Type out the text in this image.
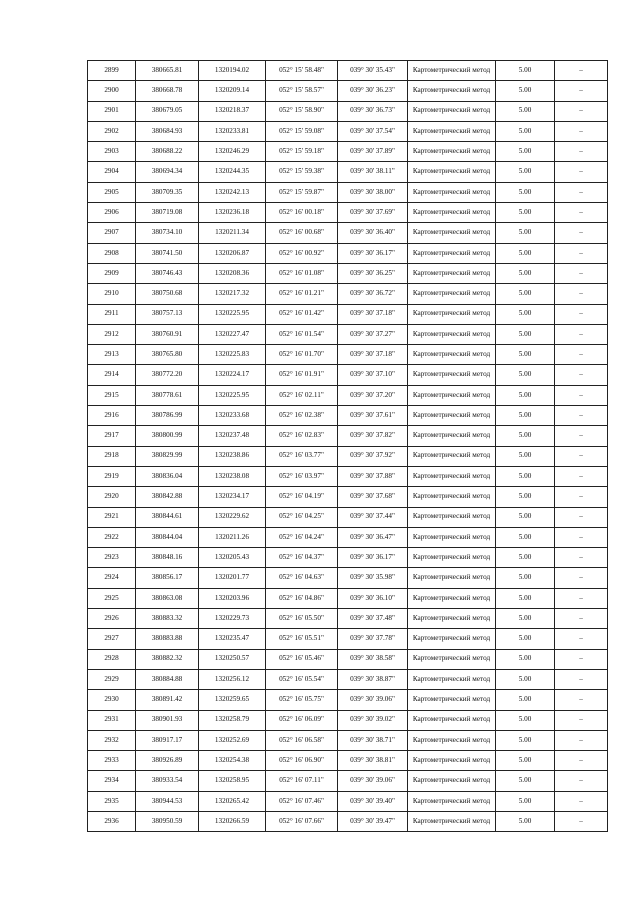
2899	380665.81	1320194.02	052° 15' 58.48"	039° 30' 35.43"	Картометрический метод	5.00	–
2900	380668.78	1320209.14	052° 15' 58.57"	039° 30' 36.23"	Картометрический метод	5.00	–
2901	380679.05	1320218.37	052° 15' 58.90"	039° 30' 36.73"	Картометрический метод	5.00	–
2902	380684.93	1320233.81	052° 15' 59.08"	039° 30' 37.54"	Картометрический метод	5.00	–
2903	380688.22	1320246.29	052° 15' 59.18"	039° 30' 37.89"	Картометрический метод	5.00	–
2904	380694.34	1320244.35	052° 15' 59.38"	039° 30' 38.11"	Картометрический метод	5.00	–
2905	380709.35	1320242.13	052° 15' 59.87"	039° 30' 38.00"	Картометрический метод	5.00	–
2906	380719.08	1320236.18	052° 16' 00.18"	039° 30' 37.69"	Картометрический метод	5.00	–
2907	380734.10	1320211.34	052° 16' 00.68"	039° 30' 36.40"	Картометрический метод	5.00	–
2908	380741.50	1320206.87	052° 16' 00.92"	039° 30' 36.17"	Картометрический метод	5.00	–
2909	380746.43	1320208.36	052° 16' 01.08"	039° 30' 36.25"	Картометрический метод	5.00	–
2910	380750.68	1320217.32	052° 16' 01.21"	039° 30' 36.72"	Картометрический метод	5.00	–
2911	380757.13	1320225.95	052° 16' 01.42"	039° 30' 37.18"	Картометрический метод	5.00	–
2912	380760.91	1320227.47	052° 16' 01.54"	039° 30' 37.27"	Картометрический метод	5.00	–
2913	380765.80	1320225.83	052° 16' 01.70"	039° 30' 37.18"	Картометрический метод	5.00	–
2914	380772.20	1320224.17	052° 16' 01.91"	039° 30' 37.10"	Картометрический метод	5.00	–
2915	380778.61	1320225.95	052° 16' 02.11"	039° 30' 37.20"	Картометрический метод	5.00	–
2916	380786.99	1320233.68	052° 16' 02.38"	039° 30' 37.61"	Картометрический метод	5.00	–
2917	380800.99	1320237.48	052° 16' 02.83"	039° 30' 37.82"	Картометрический метод	5.00	–
2918	380829.99	1320238.86	052° 16' 03.77"	039° 30' 37.92"	Картометрический метод	5.00	–
2919	380836.04	1320238.08	052° 16' 03.97"	039° 30' 37.88"	Картометрический метод	5.00	–
2920	380842.88	1320234.17	052° 16' 04.19"	039° 30' 37.68"	Картометрический метод	5.00	–
2921	380844.61	1320229.62	052° 16' 04.25"	039° 30' 37.44"	Картометрический метод	5.00	–
2922	380844.04	1320211.26	052° 16' 04.24"	039° 30' 36.47"	Картометрический метод	5.00	–
2923	380848.16	1320205.43	052° 16' 04.37"	039° 30' 36.17"	Картометрический метод	5.00	–
2924	380856.17	1320201.77	052° 16' 04.63"	039° 30' 35.98"	Картометрический метод	5.00	–
2925	380863.08	1320203.96	052° 16' 04.86"	039° 30' 36.10"	Картометрический метод	5.00	–
2926	380883.32	1320229.73	052° 16' 05.50"	039° 30' 37.48"	Картометрический метод	5.00	–
2927	380883.88	1320235.47	052° 16' 05.51"	039° 30' 37.78"	Картометрический метод	5.00	–
2928	380882.32	1320250.57	052° 16' 05.46"	039° 30' 38.58"	Картометрический метод	5.00	–
2929	380884.88	1320256.12	052° 16' 05.54"	039° 30' 38.87"	Картометрический метод	5.00	–
2930	380891.42	1320259.65	052° 16' 05.75"	039° 30' 39.06"	Картометрический метод	5.00	–
2931	380901.93	1320258.79	052° 16' 06.09"	039° 30' 39.02"	Картометрический метод	5.00	–
2932	380917.17	1320252.69	052° 16' 06.58"	039° 30' 38.71"	Картометрический метод	5.00	–
2933	380926.89	1320254.38	052° 16' 06.90"	039° 30' 38.81"	Картометрический метод	5.00	–
2934	380933.54	1320258.95	052° 16' 07.11"	039° 30' 39.06"	Картометрический метод	5.00	–
2935	380944.53	1320265.42	052° 16' 07.46"	039° 30' 39.40"	Картометрический метод	5.00	–
2936	380950.59	1320266.59	052° 16' 07.66"	039° 30' 39.47"	Картометрический метод	5.00	–
